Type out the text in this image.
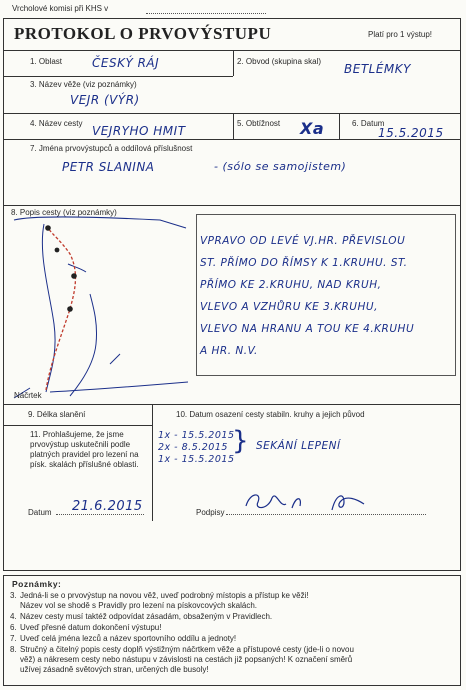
Vrcholové komisi při KHS v
PROTOKOL O PRVOVÝSTUPU	Platí pro 1 výstup!
1. Oblast ČESKÝ RÁJ	2. Obvod (skupina skal)
BETLÉMKY
3. Název věže (viz poznámky)
VEJR (VÝR)
4. Název cesty
VEJRYHO HMIT
5. Obtížnost Xa	6. Datum
15.5.2015
7. Jména prvovýstupců a oddílová příslušnost
PETR SLANINA	- (sólo se samojistem)
8. Popis cesty (viz poznámky)
Náčrtek
VPRAVO OD LEVÉ VJ.HR. PŘEVISLOU
ST. PŘÍMO DO ŘÍMSY K 1.KRUHU. ST.
PŘÍMO KE 2.KRUHU, NAD KRUH,
VLEVO A VZHŮRU KE 3.KRUHU,
VLEVO NA HRANU A TOU KE 4.KRUHU
A HR. N.V.
9. Délka slanění	10. Datum osazení cesty stabiln. kruhy a jejich původ
1x - 15.5.2015
2x - 8.5.2015
1x - 15.5.2015
} SEKÁNÍ LEPENÍ
11. Prohlašujeme, že jsme prvovýstup uskutečnili podle platných pravidel pro lezení na písk. skalách příslušné oblasti.
Datum 21.6.2015	Podpisy
Poznámky:
3. Jedná-li se o prvovýstup na novou věž, uveď podrobný místopis a přístup ke věži!
Název vol se shodě s Pravidly pro lezení na pískovcových skalách.
4. Název cesty musí taktéž odpovídat zásadám, obsaženým v Pravidlech.
6. Uveď přesné datum dokončení výstupu!
7. Uveď celá jména lezců a název sportovního oddílu a jednoty!
8. Stručný a čitelný popis cesty doplň výstižným náčrtkem věže a přístupové cesty (jde-li o novou
věž) a nákresem cesty nebo nástupu v závislosti na cestách již popsaných! K označení směrů
užívej zásadně světových stran, určených dle busoly!
